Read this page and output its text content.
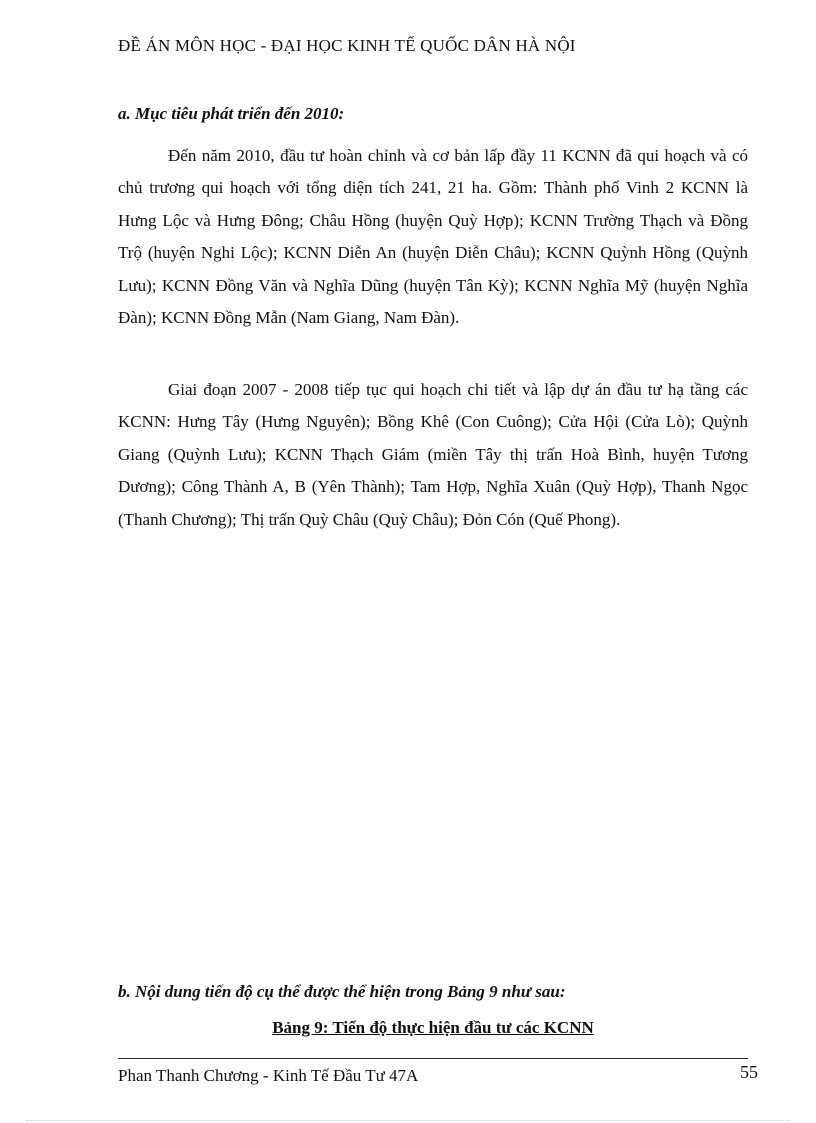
ĐỀ ÁN MÔN HỌC - ĐẠI HỌC KINH TẾ QUỐC DÂN HÀ NỘI
a. Mục tiêu phát triển đến 2010:

Đến năm 2010, đầu tư hoàn chỉnh và cơ bản lấp đầy 11 KCNN đã qui hoạch và có chủ trương qui hoạch với tổng diện tích 241, 21 ha. Gồm: Thành phố Vinh 2 KCNN là Hưng Lộc và Hưng Đông; Châu Hồng (huyện Quỳ Hợp); KCNN Trường Thạch và Đồng Trộ (huyện Nghi Lộc); KCNN Diễn An (huyện Diễn Châu); KCNN Quỳnh Hồng (Quỳnh Lưu); KCNN Đồng Văn và Nghĩa Dũng (huyện Tân Kỳ); KCNN Nghĩa Mỹ (huyện Nghĩa Đàn); KCNN Đồng Mẫn (Nam Giang, Nam Đàn).

Giai đoạn 2007 - 2008 tiếp tục qui hoạch chi tiết và lập dự án đầu tư hạ tầng các KCNN: Hưng Tây (Hưng Nguyên); Bồng Khê (Con Cuông); Cửa Hội (Cửa Lò); Quỳnh Giang (Quỳnh Lưu); KCNN Thạch Giám (miền Tây thị trấn Hoà Bình, huyện Tương Dương); Công Thành A, B (Yên Thành); Tam Hợp, Nghĩa Xuân (Quỳ Hợp), Thanh Ngọc (Thanh Chương); Thị trấn Quỳ Châu (Quỳ Châu); Đỏn Cón (Quế Phong).

b. Nội dung tiến độ cụ thể được thể hiện trong Bảng 9 như sau:
Bảng 9: Tiến độ thực hiện đầu tư các KCNN
Phan Thanh Chương - Kinh Tế Đầu Tư 47A	55
